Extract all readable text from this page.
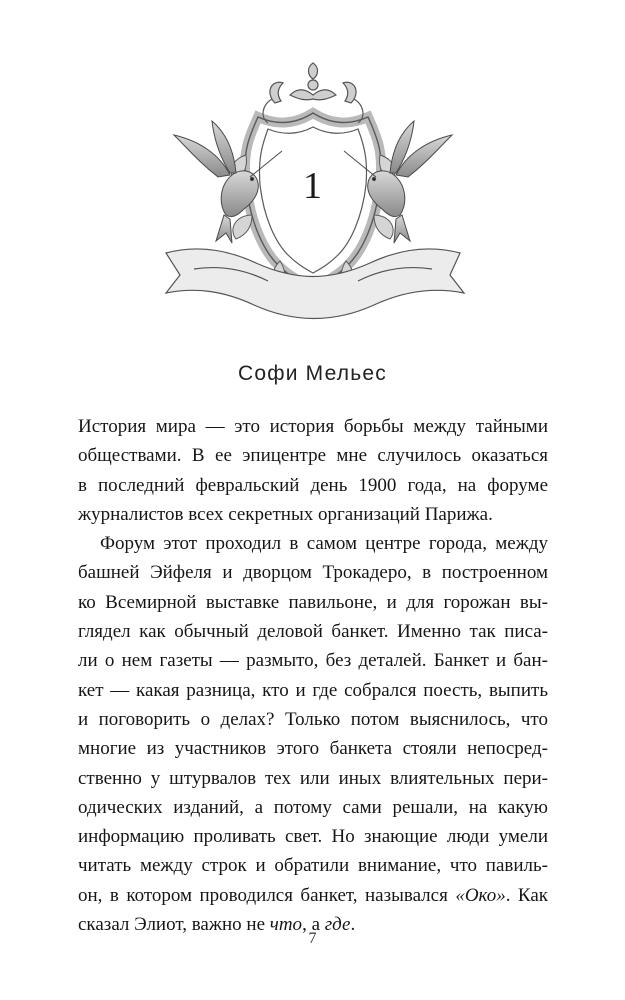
1
Софи Мельес
История мира — это история борьбы между тайными
обществами. В ее эпицентре мне случилось оказаться
в последний февральский день 1900 года, на форуме
журналистов всех секретных организаций Парижа.
Форум этот проходил в самом центре города, между
башней Эйфеля и дворцом Трокадеро, в построенном
ко Всемирной выставке павильоне, и для горожан вы-
глядел как обычный деловой банкет. Именно так писа-
ли о нем газеты — размыто, без деталей. Банкет и бан-
кет — какая разница, кто и где собрался поесть, выпить
и поговорить о делах? Только потом выяснилось, что
многие из участников этого банкета стояли непосред-
ственно у штурвалов тех или иных влиятельных пери-
одических изданий, а потому сами решали, на какую
информацию проливать свет. Но знающие люди умели
читать между строк и обратили внимание, что павиль-
он, в котором проводился банкет, назывался «Око». Как
сказал Элиот, важно не что, а где.
7
